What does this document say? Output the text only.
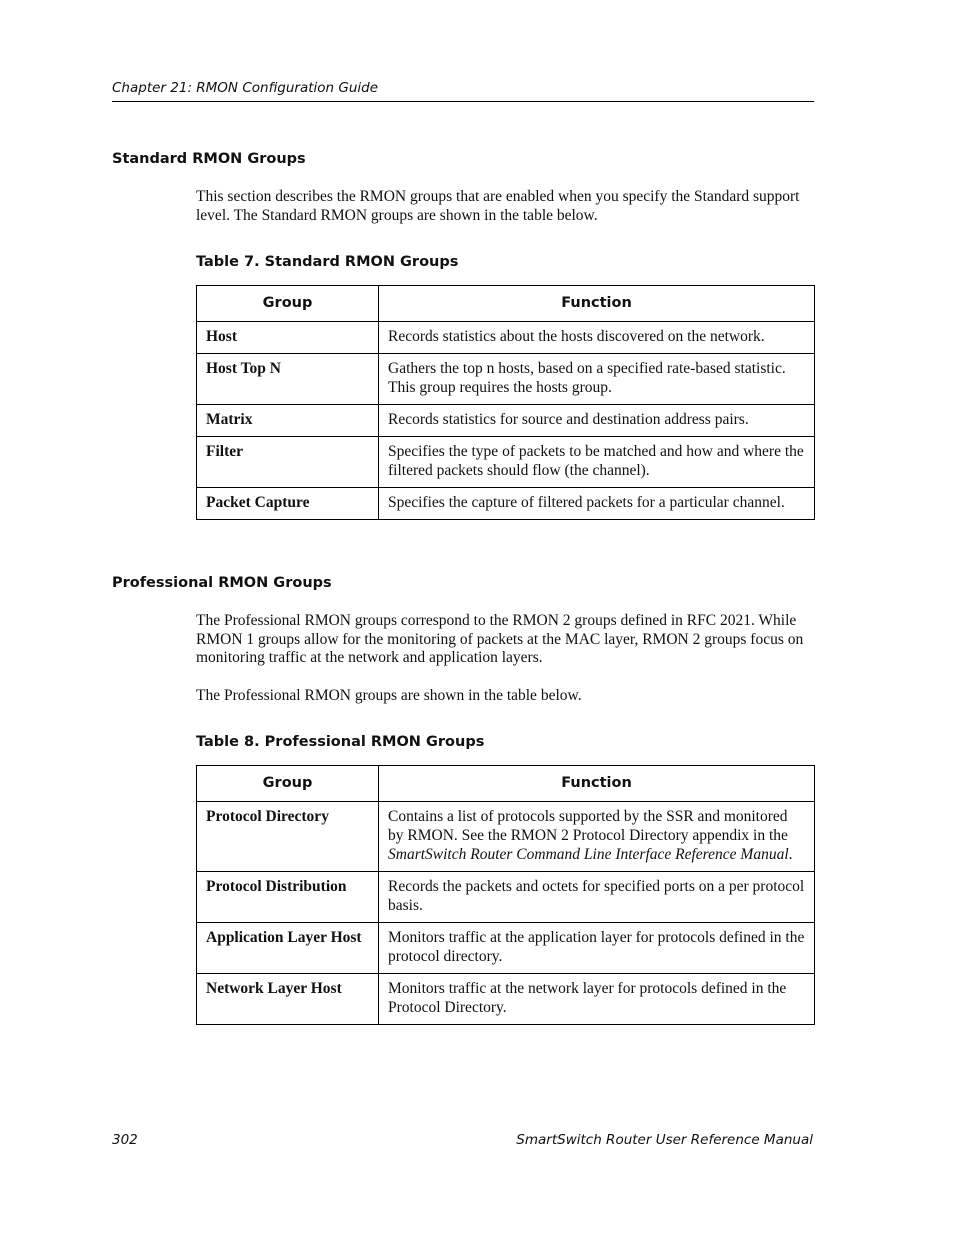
Chapter 21: RMON Configuration Guide
Standard RMON Groups
This section describes the RMON groups that are enabled when you specify the Standard support level. The Standard RMON groups are shown in the table below.
Table 7. Standard RMON Groups
Group	Function
Host	Records statistics about the hosts discovered on the network.
Host Top N	Gathers the top n hosts, based on a specified rate-based statistic. This group requires the hosts group.
Matrix	Records statistics for source and destination address pairs.
Filter	Specifies the type of packets to be matched and how and where the filtered packets should flow (the channel).
Packet Capture	Specifies the capture of filtered packets for a particular channel.
Professional RMON Groups
The Professional RMON groups correspond to the RMON 2 groups defined in RFC 2021. While RMON 1 groups allow for the monitoring of packets at the MAC layer, RMON 2 groups focus on monitoring traffic at the network and application layers.
The Professional RMON groups are shown in the table below.
Table 8. Professional RMON Groups
Group	Function
Protocol Directory	Contains a list of protocols supported by the SSR and monitored by RMON. See the RMON 2 Protocol Directory appendix in the SmartSwitch Router Command Line Interface Reference Manual.
Protocol Distribution	Records the packets and octets for specified ports on a per protocol basis.
Application Layer Host	Monitors traffic at the application layer for protocols defined in the protocol directory.
Network Layer Host	Monitors traffic at the network layer for protocols defined in the Protocol Directory.
302	SmartSwitch Router User Reference Manual
